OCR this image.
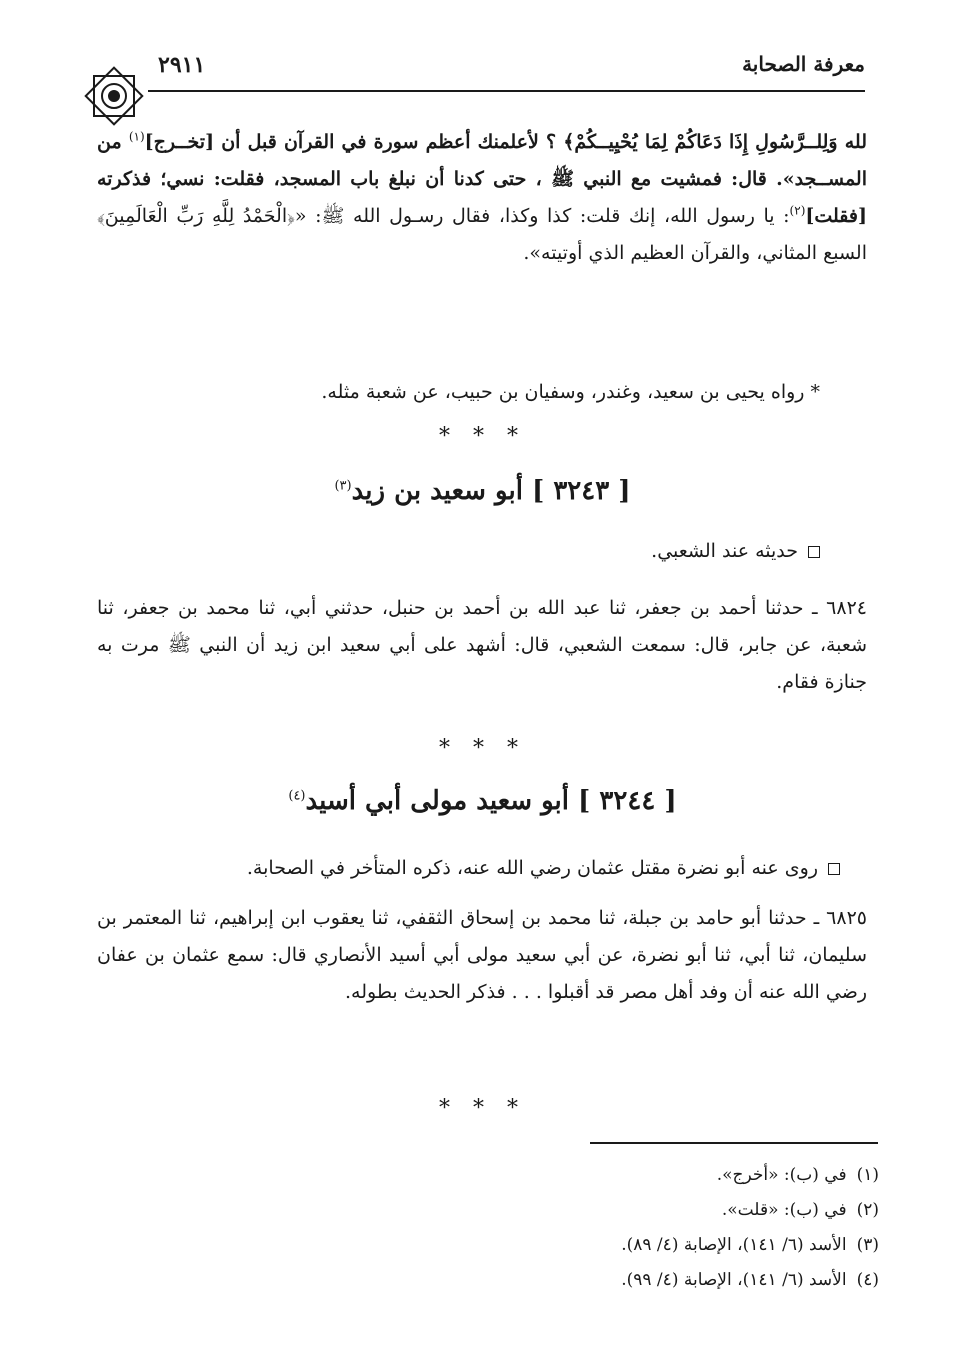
معرفة الصحابة
٢٩١١
لله وَلِلــرَّسُولِ إِذَا دَعَاكُمْ لِمَا يُحْيِيــكُمْ﴾ ؟ لأعلمنك أعظم سورة في القرآن قبل أن [تخــرج]$^{(١)}$ من المســجد». قال: فمشيت مع النبي ﷺ ، حتى كدنا أن نبلغ باب المسجد، فقلت: نسي؛ فذكرته [فقلت]$^{(٢)}$: يا رسول الله، إنك قلت: كذا وكذا، فقال رسـول الله ﷺ: «﴿الْحَمْدُ لِلَّهِ رَبِّ الْعَالَمِينَ﴾ السبع المثاني، والقرآن العظيم الذي أوتيته».
* رواه يحيى بن سعيد، وغندر، وسفيان بن حبيب، عن شعبة مثله.
* * *
[ ٣٢٤٣ ] أبو سعيد بن زيد$^{(٣)}$
حديثه عند الشعبي.
٦٨٢٤ ـ حدثنا أحمد بن جعفر، ثنا عبد الله بن أحمد بن حنبل، حدثني أبي، ثنا محمد بن جعفر، ثنا شعبة، عن جابر، قال: سمعت الشعبي، قال: أشهد على أبي سعيد ابن زيد أن النبي ﷺ مرت به جنازة فقام.
* * *
[ ٣٢٤٤ ] أبو سعيد مولى أبي أسيد$^{(٤)}$
روى عنه أبو نضرة مقتل عثمان رضي الله عنه، ذكره المتأخر في الصحابة.
٦٨٢٥ ـ حدثنا أبو حامد بن جبلة، ثنا محمد بن إسحاق الثقفي، ثنا يعقوب ابن إبراهيم، ثنا المعتمر بن سليمان، ثنا أبي، ثنا أبو نضرة، عن أبي سعيد مولى أبي أسيد الأنصاري قال: سمع عثمان بن عفان رضي الله عنه أن وفد أهل مصر قد أقبلوا . . . فذكر الحديث بطوله.
* * *
(١)في (ب): «أخرج».
(٢)في (ب): «قلت».
(٣)الأسد (٦/ ١٤١)، الإصابة (٤/ ٨٩).
(٤)الأسد (٦/ ١٤١)، الإصابة (٤/ ٩٩).
